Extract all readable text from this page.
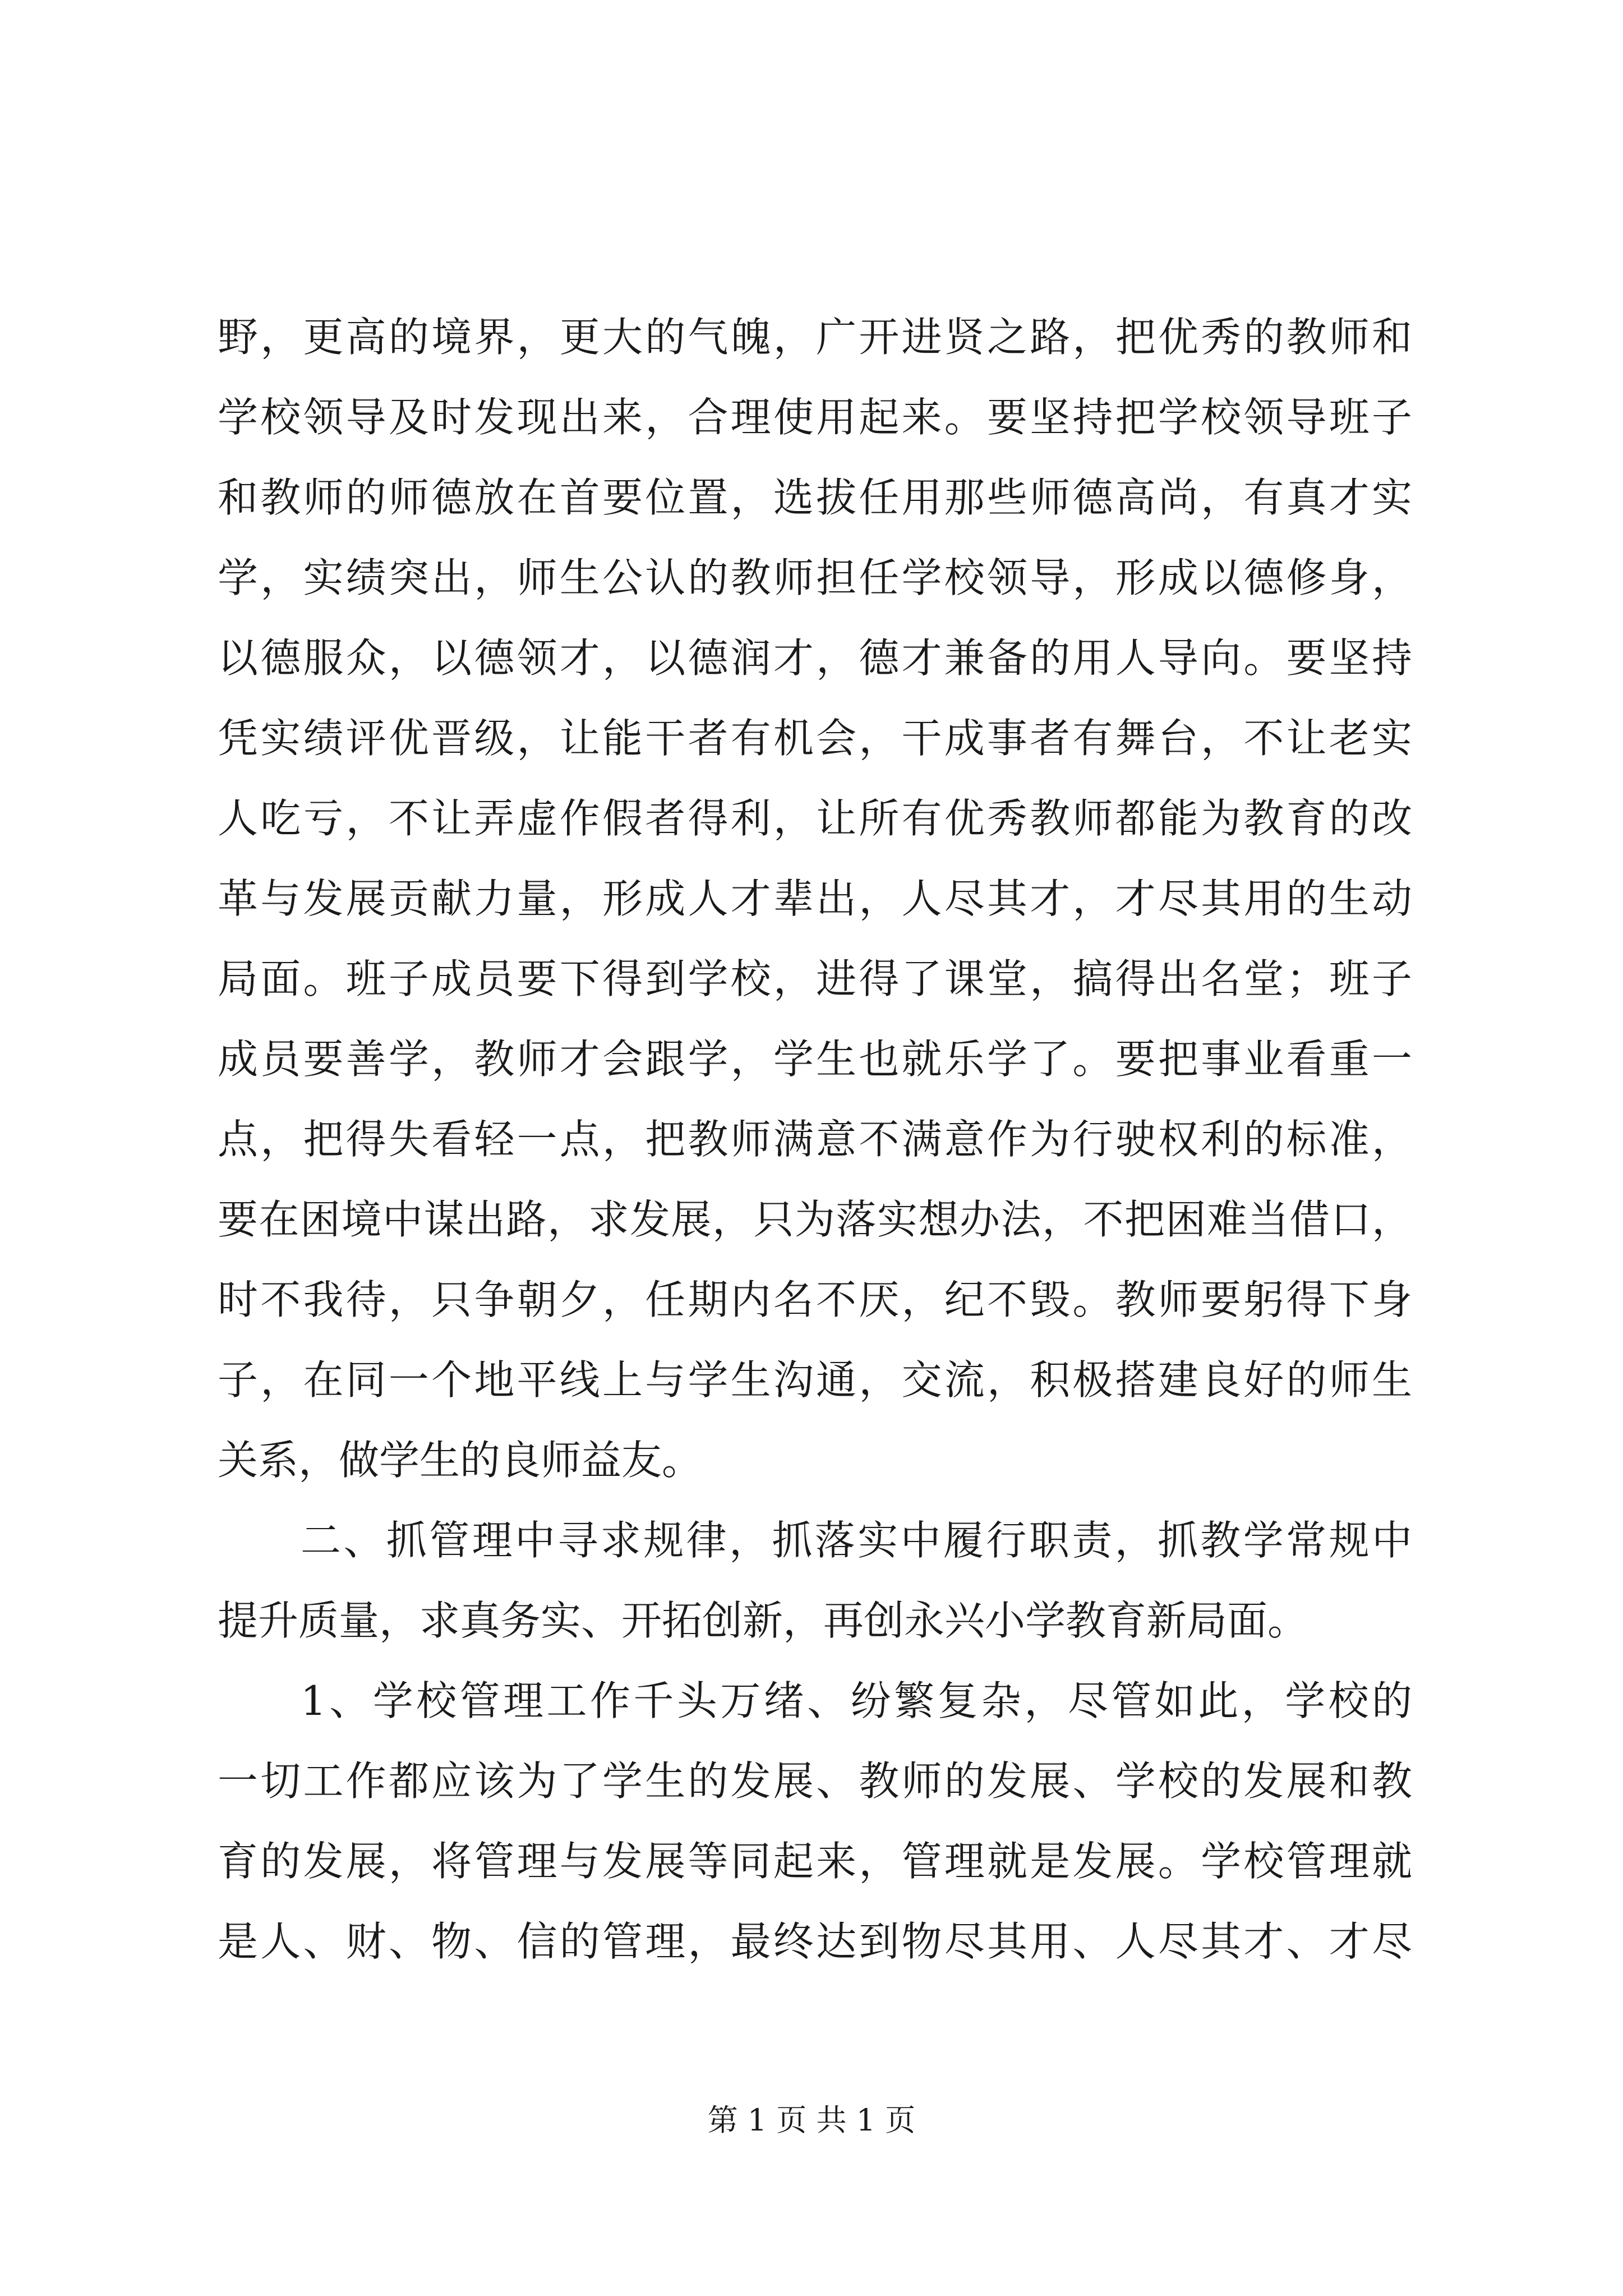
野，更高的境界，更大的气魄，广开进贤之路，把优秀的教师和
学校领导及时发现出来，合理使用起来。要坚持把学校领导班子
和教师的师德放在首要位置，选拔任用那些师德高尚，有真才实
学，实绩突出，师生公认的教师担任学校领导，形成以德修身，
以德服众，以德领才，以德润才，德才兼备的用人导向。要坚持
凭实绩评优晋级，让能干者有机会，干成事者有舞台，不让老实
人吃亏，不让弄虚作假者得利，让所有优秀教师都能为教育的改
革与发展贡献力量，形成人才辈出，人尽其才，才尽其用的生动
局面。班子成员要下得到学校，进得了课堂，搞得出名堂；班子
成员要善学，教师才会跟学，学生也就乐学了。要把事业看重一
点，把得失看轻一点，把教师满意不满意作为行驶权利的标准，
要在困境中谋出路，求发展，只为落实想办法，不把困难当借口，
时不我待，只争朝夕，任期内名不厌，纪不毁。教师要躬得下身
子，在同一个地平线上与学生沟通，交流，积极搭建良好的师生
关系，做学生的良师益友。
二、抓管理中寻求规律，抓落实中履行职责，抓教学常规中
提升质量，求真务实、开拓创新，再创永兴小学教育新局面。
1、学校管理工作千头万绪、纷繁复杂，尽管如此，学校的
一切工作都应该为了学生的发展、教师的发展、学校的发展和教
育的发展，将管理与发展等同起来，管理就是发展。学校管理就
是人、财、物、信的管理，最终达到物尽其用、人尽其才、才尽
第 1 页 共 1 页
